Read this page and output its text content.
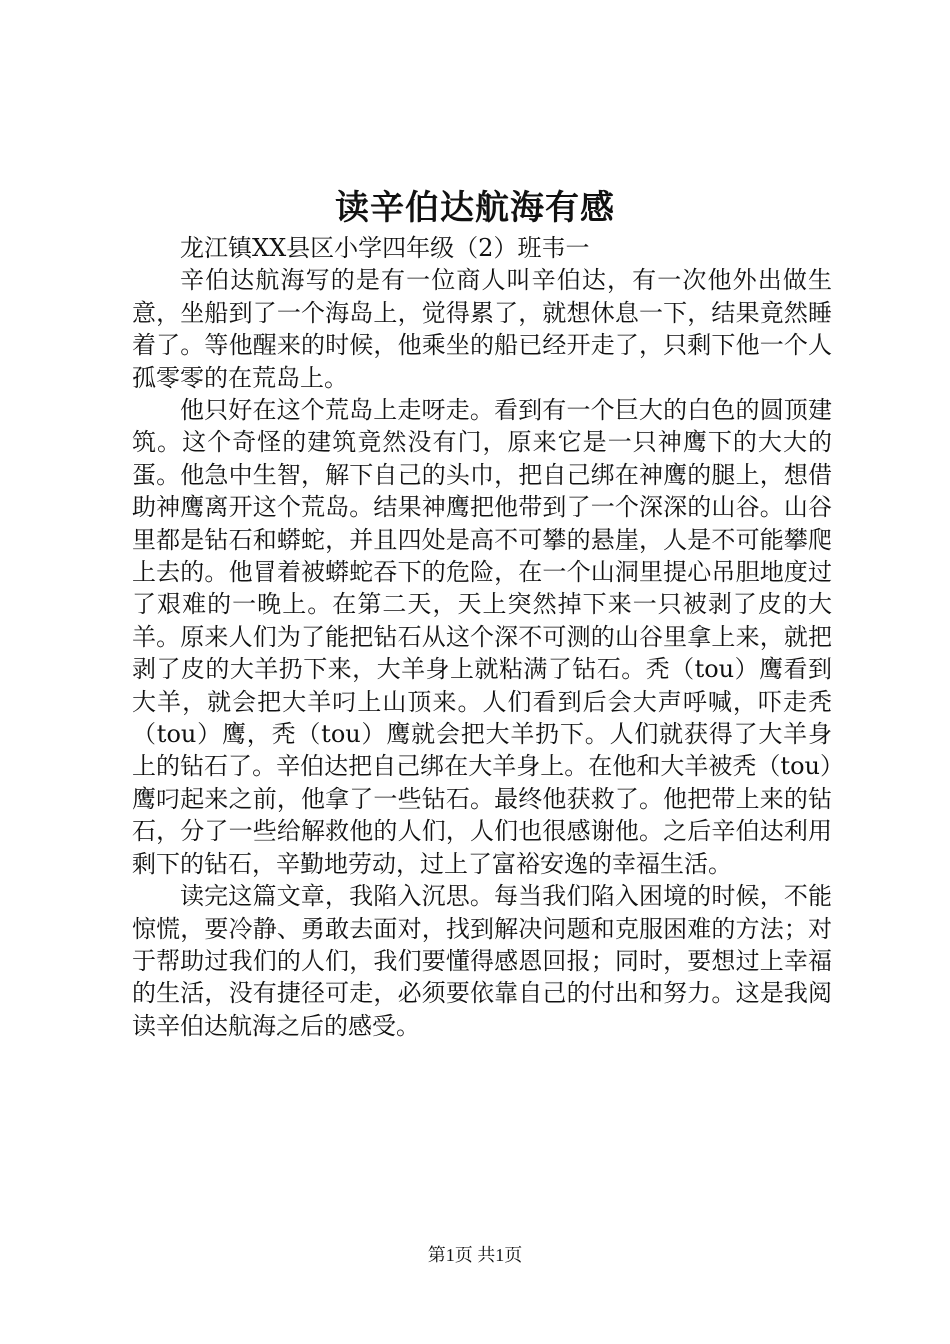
读辛伯达航海有感

龙江镇XX县区小学四年级（2）班韦一

辛伯达航海写的是有一位商人叫辛伯达，有一次他外出做生意，坐船到了一个海岛上，觉得累了，就想休息一下，结果竟然睡着了。等他醒来的时候，他乘坐的船已经开走了，只剩下他一个人孤零零的在荒岛上。

他只好在这个荒岛上走呀走。看到有一个巨大的白色的圆顶建筑。这个奇怪的建筑竟然没有门，原来它是一只神鹰下的大大的蛋。他急中生智，解下自己的头巾，把自己绑在神鹰的腿上，想借助神鹰离开这个荒岛。结果神鹰把他带到了一个深深的山谷。山谷里都是钻石和蟒蛇，并且四处是高不可攀的悬崖，人是不可能攀爬上去的。他冒着被蟒蛇吞下的危险，在一个山洞里提心吊胆地度过了艰难的一晚上。在第二天，天上突然掉下来一只被剥了皮的大羊。原来人们为了能把钻石从这个深不可测的山谷里拿上来，就把剥了皮的大羊扔下来，大羊身上就粘满了钻石。秃（tou）鹰看到大羊，就会把大羊叼上山顶来。人们看到后会大声呼喊，吓走秃（tou）鹰，秃（tou）鹰就会把大羊扔下。人们就获得了大羊身上的钻石了。辛伯达把自己绑在大羊身上。在他和大羊被秃（tou）鹰叼起来之前，他拿了一些钻石。最终他获救了。他把带上来的钻石，分了一些给解救他的人们，人们也很感谢他。之后辛伯达利用剩下的钻石，辛勤地劳动，过上了富裕安逸的幸福生活。

读完这篇文章，我陷入沉思。每当我们陷入困境的时候，不能惊慌，要冷静、勇敢去面对，找到解决问题和克服困难的方法；对于帮助过我们的人们，我们要懂得感恩回报；同时，要想过上幸福的生活，没有捷径可走，必须要依靠自己的付出和努力。这是我阅读辛伯达航海之后的感受。

第1页 共1页
